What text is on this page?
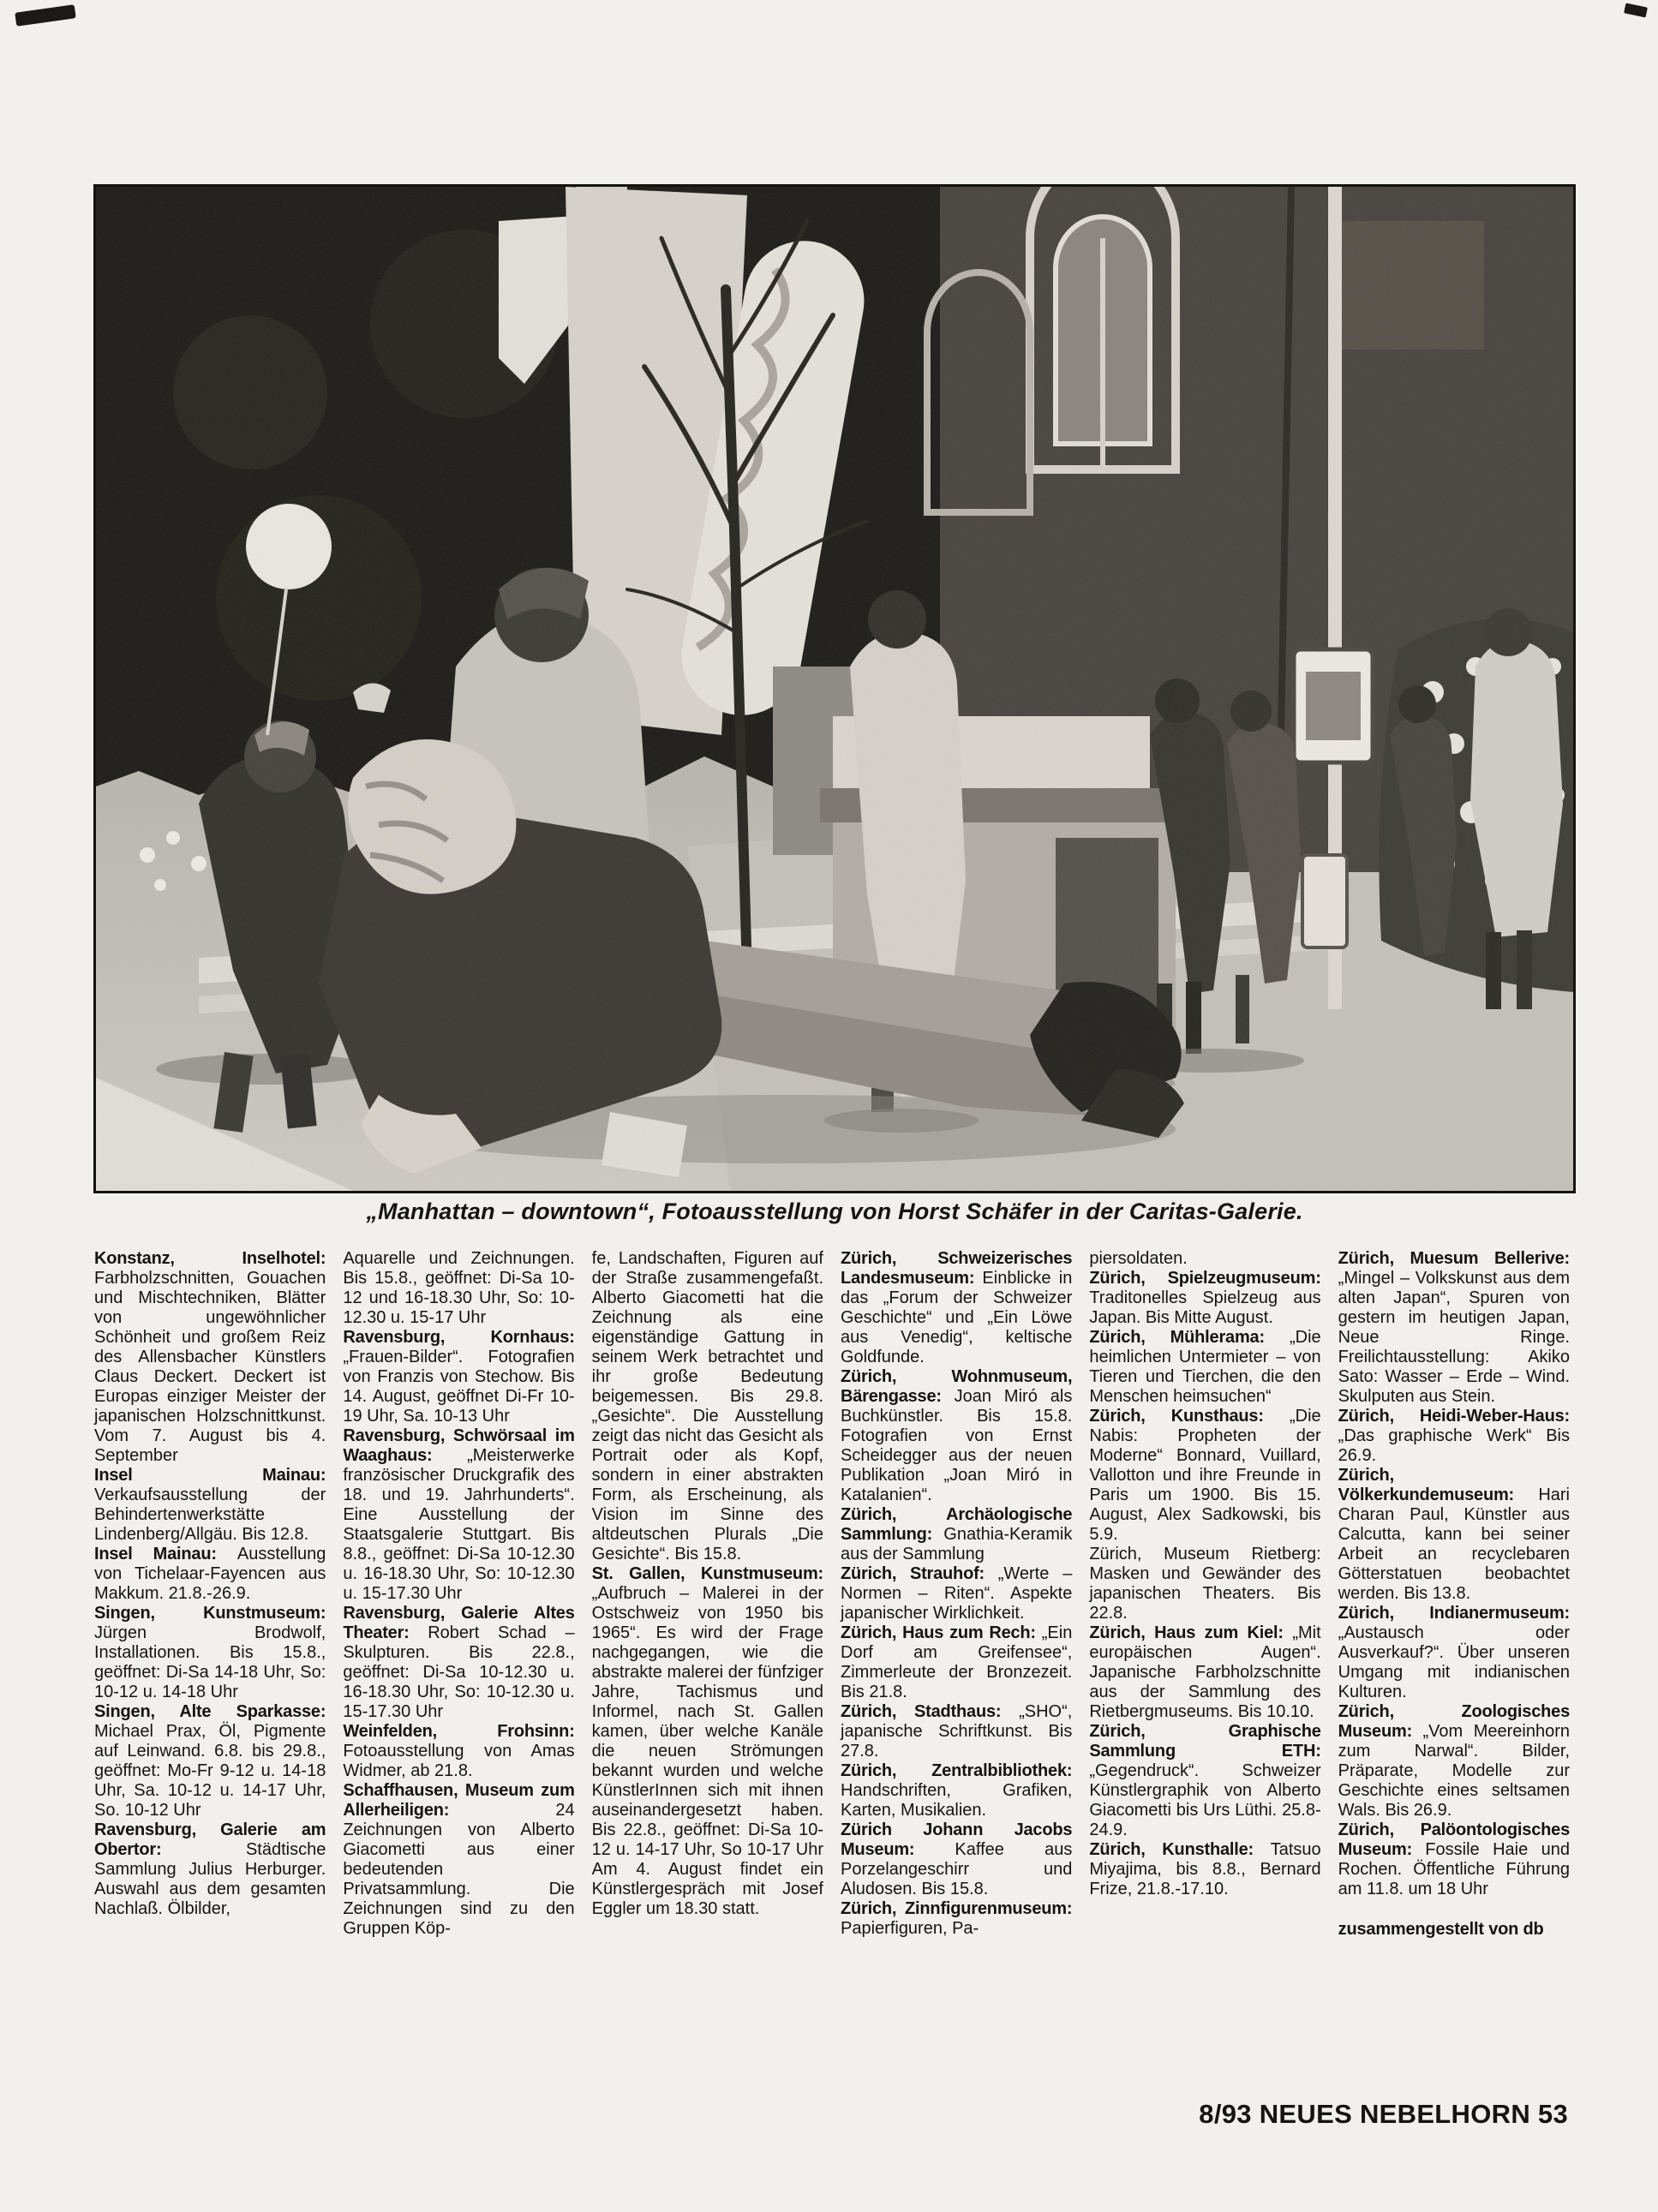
„Manhattan – downtown“, Fotoausstellung von Horst Schäfer in der Caritas-Galerie.

Konstanz, Inselhotel: Farbholzschnitten, Gouachen und Mischtechniken, Blätter von ungewöhnlicher Schönheit und großem Reiz des Allensbacher Künstlers Claus Deckert. Deckert ist Europas einziger Meister der japanischen Holzschnittkunst. Vom 7. August bis 4. September

Insel Mainau: Verkaufsausstellung der Behindertenwerkstätte Lindenberg/Allgäu. Bis 12.8.

Insel Mainau: Ausstellung von Tichelaar-Fayencen aus Makkum. 21.8.-26.9.

Singen, Kunstmuseum: Jürgen Brodwolf, Installationen. Bis 15.8., geöffnet: Di-Sa 14-18 Uhr, So: 10-12 u. 14-18 Uhr

Singen, Alte Sparkasse: Michael Prax, Öl, Pigmente auf Leinwand. 6.8. bis 29.8., geöffnet: Mo-Fr 9-12 u. 14-18 Uhr, Sa. 10-12 u. 14-17 Uhr, So. 10-12 Uhr

Ravensburg, Galerie am Obertor: Städtische Sammlung Julius Herburger. Auswahl aus dem gesamten Nachlaß. Ölbilder,

Aquarelle und Zeichnungen. Bis 15.8., geöffnet: Di-Sa 10-12 und 16-18.30 Uhr, So: 10-12.30 u. 15-17 Uhr

Ravensburg, Kornhaus: „Frauen-Bilder“. Fotografien von Franzis von Stechow. Bis 14. August, geöffnet Di-Fr 10-19 Uhr, Sa. 10-13 Uhr

Ravensburg, Schwörsaal im Waaghaus: „Meisterwerke französischer Druckgrafik des 18. und 19. Jahrhunderts“. Eine Ausstellung der Staatsgalerie Stuttgart. Bis 8.8., geöffnet: Di-Sa 10-12.30 u. 16-18.30 Uhr, So: 10-12.30 u. 15-17.30 Uhr

Ravensburg, Galerie Altes Theater: Robert Schad – Skulpturen. Bis 22.8., geöffnet: Di-Sa 10-12.30 u. 16-18.30 Uhr, So: 10-12.30 u. 15-17.30 Uhr

Weinfelden, Frohsinn: Fotoausstellung von Amas Widmer, ab 21.8.

Schaffhausen, Museum zum Allerheiligen: 24 Zeichnungen von Alberto Giacometti aus einer bedeutenden Privatsammlung. Die Zeichnungen sind zu den Gruppen Köp-

fe, Landschaften, Figuren auf der Straße zusammengefaßt. Alberto Giacometti hat die Zeichnung als eine eigenständige Gattung in seinem Werk betrachtet und ihr große Bedeutung beigemessen. Bis 29.8. „Gesichte“. Die Ausstellung zeigt das nicht das Gesicht als Portrait oder als Kopf, sondern in einer abstrakten Form, als Erscheinung, als Vision im Sinne des altdeutschen Plurals „Die Gesichte“. Bis 15.8.

St. Gallen, Kunstmuseum: „Aufbruch – Malerei in der Ostschweiz von 1950 bis 1965“. Es wird der Frage nachgegangen, wie die abstrakte malerei der fünfziger Jahre, Tachismus und Informel, nach St. Gallen kamen, über welche Kanäle die neuen Strömungen bekannt wurden und welche KünstlerInnen sich mit ihnen auseinandergesetzt haben. Bis 22.8., geöffnet: Di-Sa 10-12 u. 14-17 Uhr, So 10-17 Uhr Am 4. August findet ein Künstlergespräch mit Josef Eggler um 18.30 statt.

Zürich, Schweizerisches Landesmuseum: Einblicke in das „Forum der Schweizer Geschichte“ und „Ein Löwe aus Venedig“, keltische Goldfunde.

Zürich, Wohnmuseum, Bärengasse: Joan Miró als Buchkünstler. Bis 15.8. Fotografien von Ernst Scheidegger aus der neuen Publikation „Joan Miró in Katalanien“.

Zürich, Archäologische Sammlung: Gnathia-Keramik aus der Sammlung

Zürich, Strauhof: „Werte – Normen – Riten“. Aspekte japanischer Wirklichkeit.

Zürich, Haus zum Rech: „Ein Dorf am Greifensee“, Zimmerleute der Bronzezeit. Bis 21.8.

Zürich, Stadthaus: „SHO“, japanische Schriftkunst. Bis 27.8.

Zürich, Zentralbibliothek: Handschriften, Grafiken, Karten, Musikalien.

Zürich Johann Jacobs Museum: Kaffee aus Porzelangeschirr und Aludosen. Bis 15.8.

Zürich, Zinnfigurenmuseum: Papierfiguren, Pa-

piersoldaten.

Zürich, Spielzeugmuseum: Traditonelles Spielzeug aus Japan. Bis Mitte August.

Zürich, Mühlerama: „Die heimlichen Untermieter – von Tieren und Tierchen, die den Menschen heimsuchen“

Zürich, Kunsthaus: „Die Nabis: Propheten der Moderne“ Bonnard, Vuillard, Vallotton und ihre Freunde in Paris um 1900. Bis 15. August, Alex Sadkowski, bis 5.9.

Zürich, Museum Rietberg: Masken und Gewänder des japanischen Theaters. Bis 22.8.

Zürich, Haus zum Kiel: „Mit europäischen Augen“. Japanische Farbholzschnitte aus der Sammlung des Rietbergmuseums. Bis 10.10.

Zürich, Graphische Sammlung ETH: „Gegendruck“. Schweizer Künstlergraphik von Alberto Giacometti bis Urs Lüthi. 25.8-24.9.

Zürich, Kunsthalle: Tatsuo Miyajima, bis 8.8., Bernard Frize, 21.8.-17.10.

Zürich, Muesum Bellerive: „Mingel – Volkskunst aus dem alten Japan“, Spuren von gestern im heutigen Japan, Neue Ringe. Freilichtausstellung: Akiko Sato: Wasser – Erde – Wind. Skulputen aus Stein.

Zürich, Heidi-Weber-Haus: „Das graphische Werk“ Bis 26.9.

Zürich, Völkerkundemuseum: Hari Charan Paul, Künstler aus Calcutta, kann bei seiner Arbeit an recyclebaren Götterstatuen beobachtet werden. Bis 13.8.

Zürich, Indianermuseum: „Austausch oder Ausverkauf?“. Über unseren Umgang mit indianischen Kulturen.

Zürich, Zoologisches Museum: „Vom Meereinhorn zum Narwal“. Bilder, Präparate, Modelle zur Geschichte eines seltsamen Wals. Bis 26.9.

Zürich, Palöontologisches Museum: Fossile Haie und Rochen. Öffentliche Führung am 11.8. um 18 Uhr

zusammengestellt von db

8/93 NEUES NEBELHORN 53
